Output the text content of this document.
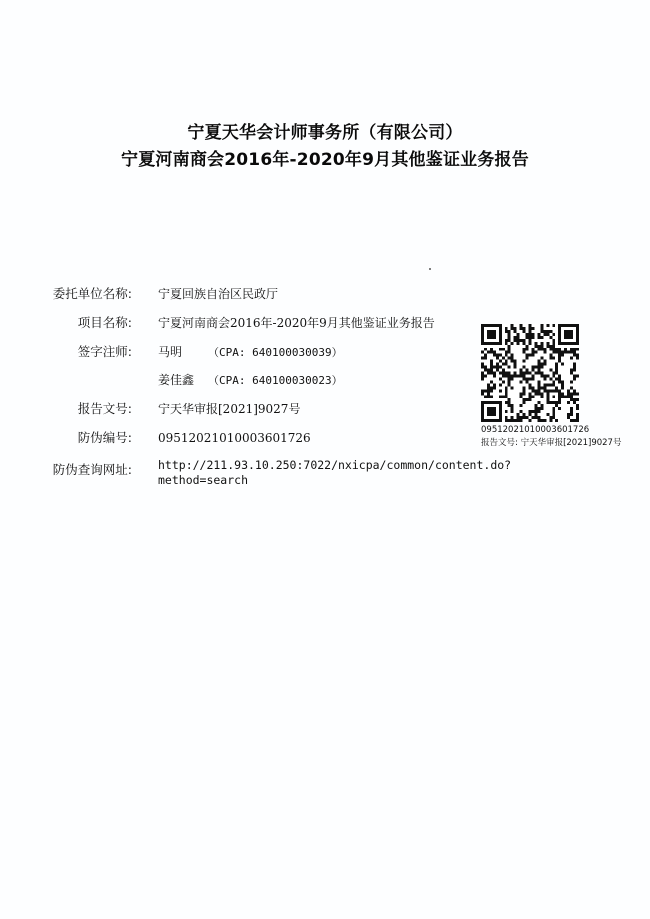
宁夏天华会计师事务所（有限公司）
宁夏河南商会2016年-2020年9月其他鉴证业务报告
委托单位名称: 宁夏回族自治区民政厅
项目名称: 宁夏河南商会2016年-2020年9月其他鉴证业务报告
签字注师: 马明 （CPA: 640100030039）
姜佳鑫 （CPA: 640100030023）
报告文号: 宁天华审报[2021]9027号
防伪编号: 09512021010003601726
防伪查询网址: http://211.93.10.250:7022/nxicpa/common/content.do?
method=search
09512021010003601726
报告文号: 宁天华审报[2021]9027号
